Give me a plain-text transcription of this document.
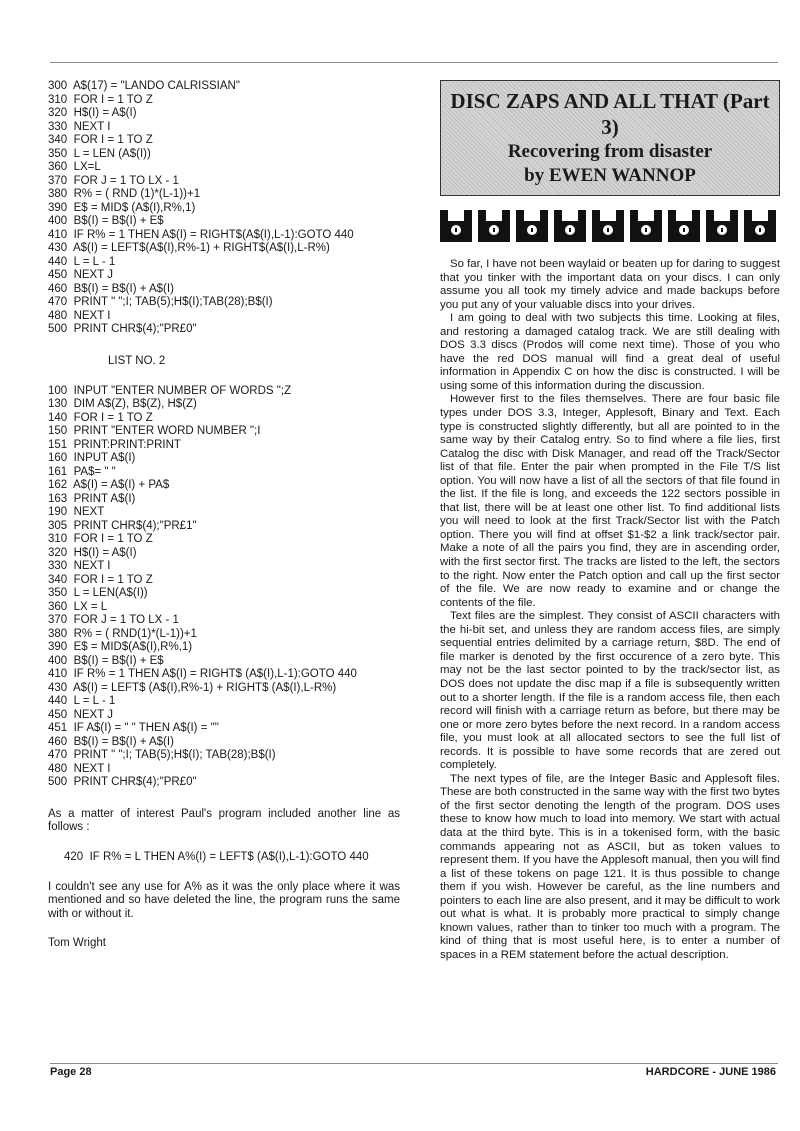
300  A$(17) = "LANDO CALRISSIAN"
310  FOR I = 1 TO Z
320  H$(I) = A$(I)
330  NEXT I
340  FOR I = 1 TO Z
350  L = LEN (A$(I))
360  LX=L
370  FOR J = 1 TO LX - 1
380  R% = ( RND (1)*(L-1))+1
390  E$ = MID$ (A$(I),R%,1)
400  B$(I) = B$(I) + E$
410  IF R% = 1 THEN A$(I) = RIGHT$(A$(I),L-1):GOTO 440
430  A$(I) = LEFT$(A$(I),R%-1) + RIGHT$(A$(I),L-R%)
440  L = L - 1
450  NEXT J
460  B$(I) = B$(I) + A$(I)
470  PRINT " ";I; TAB(5);H$(I);TAB(28);B$(I)
480  NEXT I
500  PRINT CHR$(4);"PR£0"
LIST NO. 2
100  INPUT "ENTER NUMBER OF WORDS ";Z
130  DIM A$(Z), B$(Z), H$(Z)
140  FOR I = 1 TO Z
150  PRINT "ENTER WORD NUMBER ";I
151  PRINT:PRINT:PRINT
160  INPUT A$(I)
161  PA$= " "
162  A$(I) = A$(I) + PA$
163  PRINT A$(I)
190  NEXT
305  PRINT CHR$(4);"PR£1"
310  FOR I = 1 TO Z
320  H$(I) = A$(I)
330  NEXT I
340  FOR I = 1 TO Z
350  L = LEN(A$(I))
360  LX = L
370  FOR J = 1 TO LX - 1
380  R% = ( RND(1)*(L-1))+1
390  E$ = MID$(A$(I),R%,1)
400  B$(I) = B$(I) + E$
410  IF R% = 1 THEN A$(I) = RIGHT$ (A$(I),L-1):GOTO 440
430  A$(I) = LEFT$ (A$(I),R%-1) + RIGHT$ (A$(I),L-R%)
440  L = L - 1
450  NEXT J
451  IF A$(I) = " " THEN A$(I) = ""
460  B$(I) = B$(I) + A$(I)
470  PRINT " ";I; TAB(5);H$(I); TAB(28);B$(I)
480  NEXT I
500  PRINT CHR$(4);"PR£0"

As a matter of interest Paul's program included another line as follows :

420  IF R% = L THEN A%(I) = LEFT$ (A$(I),L-1):GOTO 440

I couldn't see any use for A% as it was the only place where it was mentioned and so have deleted the line, the program runs the same with or without it.

Tom Wright
DISC ZAPS AND ALL THAT (Part 3)
Recovering from disaster
by EWEN WANNOP

So far, I have not been waylaid or beaten up for daring to suggest that you tinker with the important data on your discs. I can only assume you all took my timely advice and made backups before you put any of your valuable discs into your drives.

I am going to deal with two subjects this time. Looking at files, and restoring a damaged catalog track. We are still dealing with DOS 3.3 discs (Prodos will come next time). Those of you who have the red DOS manual will find a great deal of useful information in Appendix C on how the disc is constructed. I will be using some of this information during the discussion.

However first to the files themselves. There are four basic file types under DOS 3.3, Integer, Applesoft, Binary and Text. Each type is constructed slightly differently, but all are pointed to in the same way by their Catalog entry. So to find where a file lies, first Catalog the disc with Disk Manager, and read off the Track/Sector list of that file. Enter the pair when prompted in the File T/S list option. You will now have a list of all the sectors of that file found in the list. If the file is long, and exceeds the 122 sectors possible in that list, there will be at least one other list. To find additional lists you will need to look at the first Track/Sector list with the Patch option. There you will find at offset $1-$2 a link track/sector pair. Make a note of all the pairs you find, they are in ascending order, with the first sector first. The tracks are listed to the left, the sectors to the right. Now enter the Patch option and call up the first sector of the file. We are now ready to examine and or change the contents of the file.

Text files are the simplest. They consist of ASCII characters with the hi-bit set, and unless they are random access files, are simply sequential entries delimited by a carriage return, $8D. The end of file marker is denoted by the first occurence of a zero byte. This may not be the last sector pointed to by the track/sector list, as DOS does not update the disc map if a file is subsequently written out to a shorter length. If the file is a random access file, then each record will finish with a carriage return as before, but there may be one or more zero bytes before the next record. In a random access file, you must look at all allocated sectors to see the full list of records. It is possible to have some records that are zered out completely.

The next types of file, are the Integer Basic and Applesoft files. These are both constructed in the same way with the first two bytes of the first sector denoting the length of the program. DOS uses these to know how much to load into memory. We start with actual data at the third byte. This is in a tokenised form, with the basic commands appearing not as ASCII, but as token values to represent them. If you have the Applesoft manual, then you will find a list of these tokens on page 121. It is thus possible to change them if you wish. However be careful, as the line numbers and pointers to each line are also present, and it may be difficult to work out what is what. It is probably more practical to simply change known values, rather than to tinker too much with a program. The kind of thing that is most useful here, is to enter a number of spaces in a REM statement before the actual description.

Page 28	HARDCORE - JUNE 1986
